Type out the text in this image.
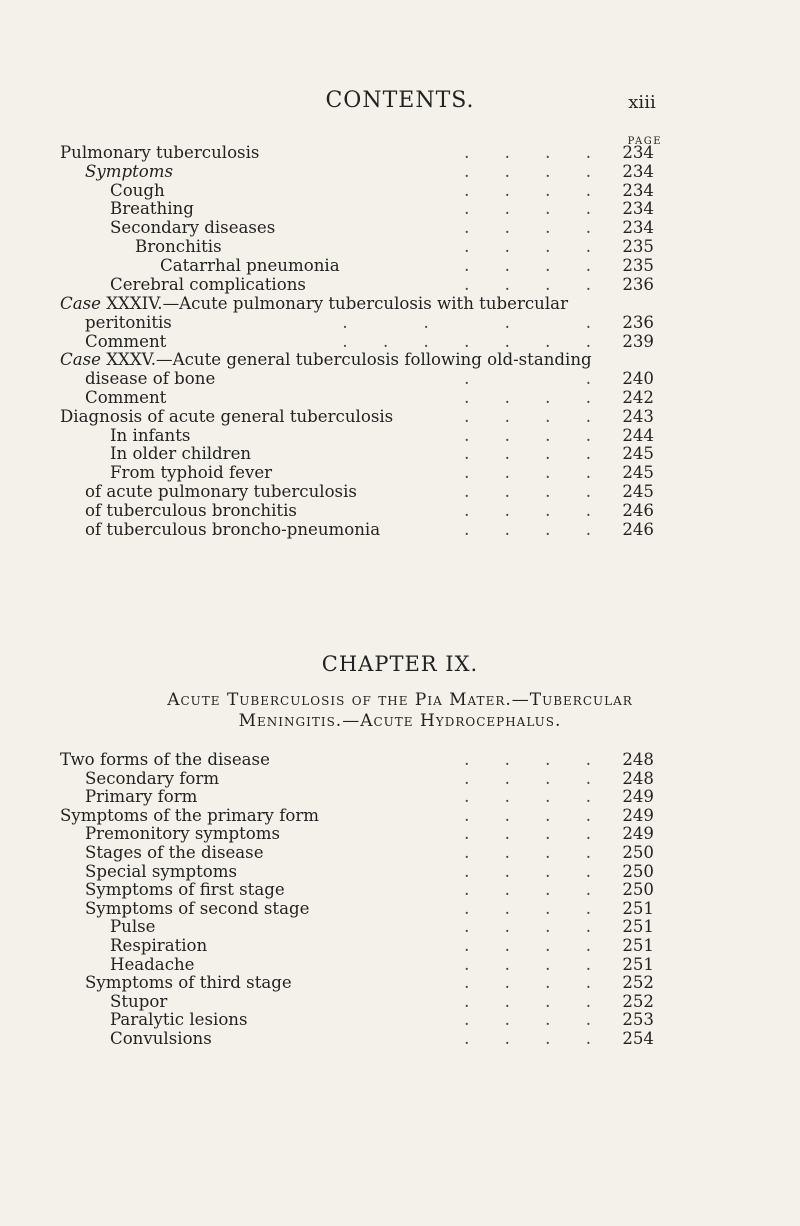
CONTENTS.	xiii
PAGE
Pulmonary tuberculosis	. . . . 234
Symptoms	. . . . 234
Cough	. . . . 234
Breathing	. . . . 234
Secondary diseases	. . . . 234
Bronchitis	. . . . 235
Catarrhal pneumonia	. . . . 235
Cerebral complications	. . . . 236
Case XXXIV.—Acute pulmonary tuberculosis with tubercular
peritonitis	.   .   .   . 236
Comment	. . . . . . . 239
Case XXXV.—Acute general tuberculosis following old-standing
disease of bone	.     . 240
Comment	. . . . 242
Diagnosis of acute general tuberculosis	. . . . 243
In infants	. . . . 244
In older children	. . . . 245
From typhoid fever	. . . . 245
of acute pulmonary tuberculosis	. . . . 245
of tuberculous bronchitis	. . . . 246
of tuberculous broncho-pneumonia	. . . . 246
CHAPTER IX.
Acute Tuberculosis of the Pia Mater.—Tubercular
Meningitis.—Acute Hydrocephalus.
Two forms of the disease	. . . . 248
Secondary form	. . . . 248
Primary form	. . . . 249
Symptoms of the primary form	. . . . 249
Premonitory symptoms	. . . . 249
Stages of the disease	. . . . 250
Special symptoms	. . . . 250
Symptoms of first stage	. . . . 250
Symptoms of second stage	. . . . 251
Pulse	. . . . 251
Respiration	. . . . 251
Headache	. . . . 251
Symptoms of third stage	. . . . 252
Stupor	. . . . 252
Paralytic lesions	. . . . 253
Convulsions	. . . . 254
